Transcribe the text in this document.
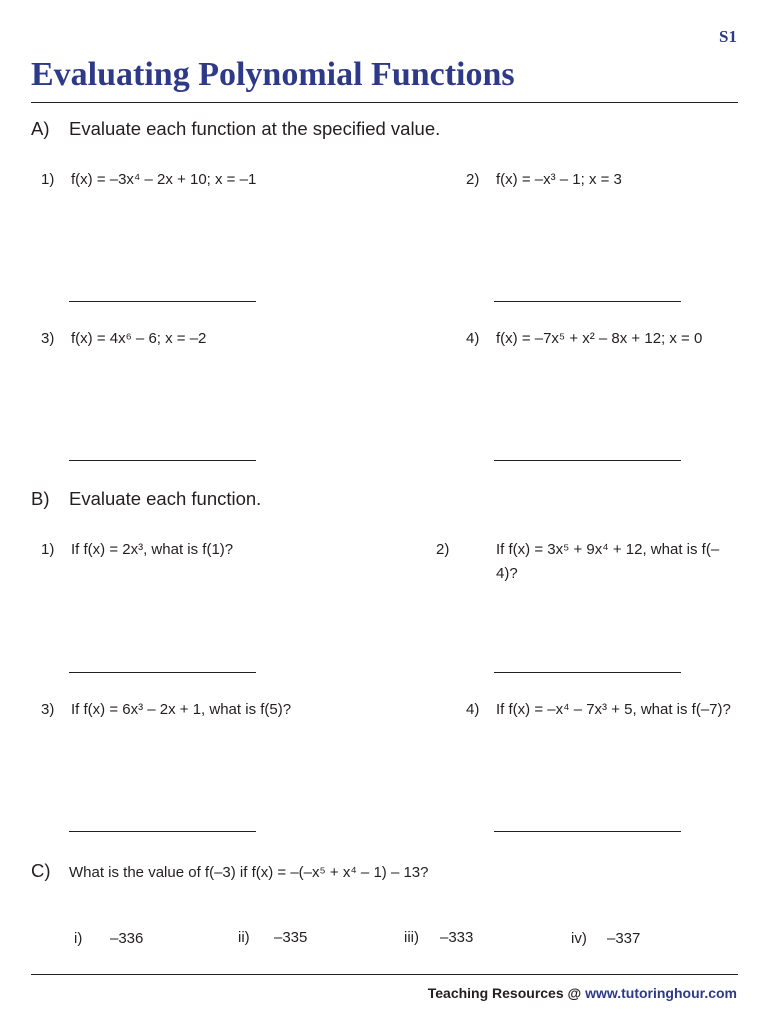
S1
Evaluating Polynomial Functions
A) Evaluate each function at the specified value.
1) f(x) = –3x⁴ – 2x + 10; x = –1	2) f(x) = –x³ – 1; x = 3
3) f(x) = 4x⁶ – 6; x = –2	4) f(x) = –7x⁵ + x² – 8x + 12; x = 0
B) Evaluate each function.
1) If f(x) = 2x³, what is f(1)?	2)	If f(x) = 3x⁵ + 9x⁴ + 12, what is f(–4)?
3) If f(x) = 6x³ – 2x + 1, what is f(5)?	4) If f(x) = –x⁴ – 7x³ + 5, what is f(–7)?
C) What is the value of f(–3) if f(x) = –(–x⁵ + x⁴ – 1) – 13?
i) –336	ii) –335	iii) –333	iv) –337
Teaching Resources @ www.tutoringhour.com
